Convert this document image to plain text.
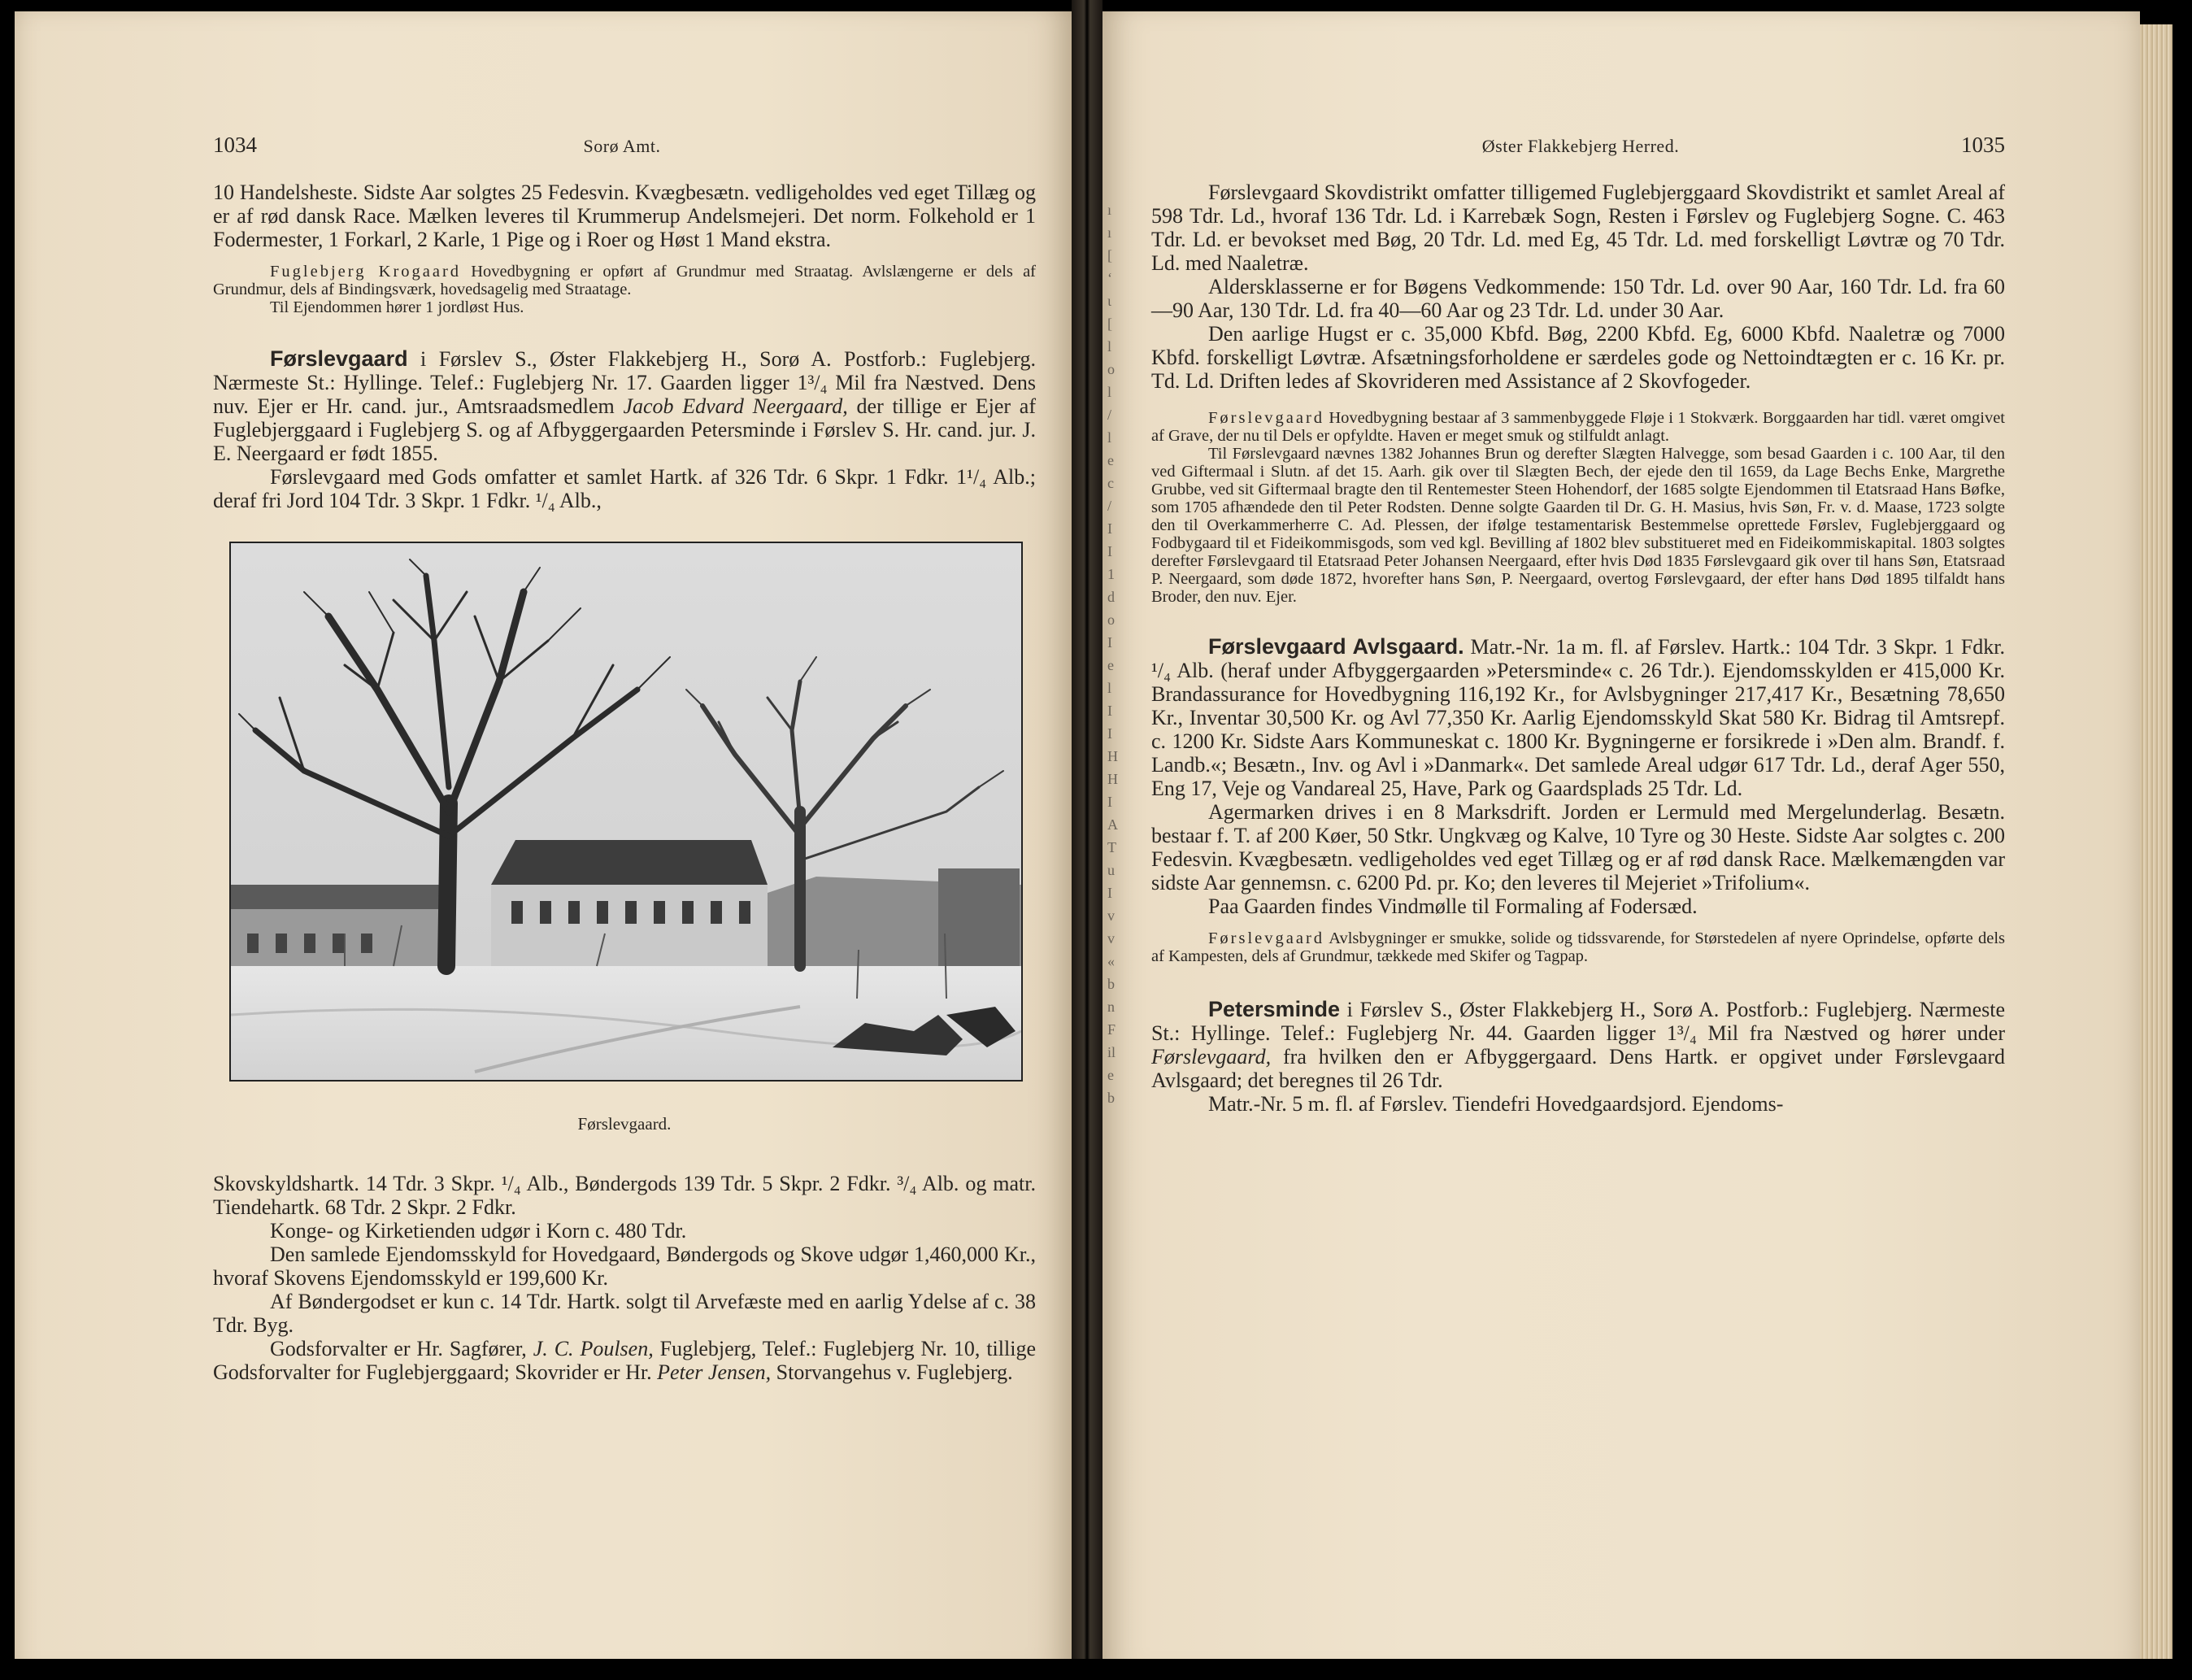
1034	Sorø Amt.

10 Handelsheste. Sidste Aar solgtes 25 Fedesvin. Kvægbesætn. vedligeholdes ved eget Tillæg og er af rød dansk Race. Mælken leveres til Krummerup Andelsmejeri. Det norm. Folkehold er 1 Fodermester, 1 Forkarl, 2 Karle, 1 Pige og i Roer og Høst 1 Mand ekstra.

Fuglebjerg Krogaard Hovedbygning er opført af Grundmur med Straatag. Avlslængerne er dels af Grundmur, dels af Bindingsværk, hovedsagelig med Straatage.

Til Ejendommen hører 1 jordløst Hus.

Førslevgaard i Førslev S., Øster Flakkebjerg H., Sorø A. Postforb.: Fuglebjerg. Nærmeste St.: Hyllinge. Telef.: Fuglebjerg Nr. 17. Gaarden ligger 1³/₄ Mil fra Næstved. Dens nuv. Ejer er Hr. cand. jur., Amtsraadsmedlem Jacob Edvard Neergaard, der tillige er Ejer af Fuglebjerggaard i Fuglebjerg S. og af Afbyggergaarden Petersminde i Førslev S. Hr. cand. jur. J. E. Neergaard er født 1855.

Førslevgaard med Gods omfatter et samlet Hartk. af 326 Tdr. 6 Skpr. 1 Fdkr. 1¹/₄ Alb.; deraf fri Jord 104 Tdr. 3 Skpr. 1 Fdkr. ¹/₄ Alb.,

Førslevgaard.

Skovskyldshartk. 14 Tdr. 3 Skpr. ¹/₄ Alb., Bøndergods 139 Tdr. 5 Skpr. 2 Fdkr. ³/₄ Alb. og matr. Tiendehartk. 68 Tdr. 2 Skpr. 2 Fdkr.

Konge- og Kirketienden udgør i Korn c. 480 Tdr.

Den samlede Ejendomsskyld for Hovedgaard, Bøndergods og Skove udgør 1,460,000 Kr., hvoraf Skovens Ejendomsskyld er 199,600 Kr.

Af Bøndergodset er kun c. 14 Tdr. Hartk. solgt til Arvefæste med en aarlig Ydelse af c. 38 Tdr. Byg.

Godsforvalter er Hr. Sagfører, J. C. Poulsen, Fuglebjerg, Telef.: Fuglebjerg Nr. 10, tillige Godsforvalter for Fuglebjerggaard; Skovrider er Hr. Peter Jensen, Storvangehus v. Fuglebjerg.

ı
ı
[
ʻ
ɩ
[
l
o
l
/
l
e
c
/
I
I
1
d
o
I
e
l
I
I
H
H
I
A
T
u
I
v
v
«
b
n
F
il
e
b
Øster Flakkebjerg Herred.	1035

Førslevgaard Skovdistrikt omfatter tilligemed Fuglebjerggaard Skovdistrikt et samlet Areal af 598 Tdr. Ld., hvoraf 136 Tdr. Ld. i Karrebæk Sogn, Resten i Førslev og Fuglebjerg Sogne. C. 463 Tdr. Ld. er bevokset med Bøg, 20 Tdr. Ld. med Eg, 45 Tdr. Ld. med forskelligt Løvtræ og 70 Tdr. Ld. med Naaletræ.

Aldersklasserne er for Bøgens Vedkommende: 150 Tdr. Ld. over 90 Aar, 160 Tdr. Ld. fra 60—90 Aar, 130 Tdr. Ld. fra 40—60 Aar og 23 Tdr. Ld. under 30 Aar.

Den aarlige Hugst er c. 35,000 Kbfd. Bøg, 2200 Kbfd. Eg, 6000 Kbfd. Naaletræ og 7000 Kbfd. forskelligt Løvtræ. Afsætningsforholdene er særdeles gode og Nettoindtægten er c. 16 Kr. pr. Td. Ld. Driften ledes af Skovrideren med Assistance af 2 Skovfogeder.

Førslevgaard Hovedbygning bestaar af 3 sammenbyggede Fløje i 1 Stokværk. Borggaarden har tidl. været omgivet af Grave, der nu til Dels er opfyldte. Haven er meget smuk og stilfuldt anlagt.

Til Førslevgaard nævnes 1382 Johannes Brun og derefter Slægten Halvegge, som besad Gaarden i c. 100 Aar, til den ved Giftermaal i Slutn. af det 15. Aarh. gik over til Slægten Bech, der ejede den til 1659, da Lage Bechs Enke, Margrethe Grubbe, ved sit Giftermaal bragte den til Rentemester Steen Hohendorf, der 1685 solgte Ejendommen til Etatsraad Hans Bøfke, som 1705 afhændede den til Peter Rodsten. Denne solgte Gaarden til Dr. G. H. Masius, hvis Søn, Fr. v. d. Maase, 1723 solgte den til Overkammerherre C. Ad. Plessen, der ifølge testamentarisk Bestemmelse oprettede Førslev, Fuglebjerggaard og Fodbygaard til et Fideikommisgods, som ved kgl. Bevilling af 1802 blev substitueret med en Fideikommiskapital. 1803 solgtes derefter Førslevgaard til Etatsraad Peter Johansen Neergaard, efter hvis Død 1835 Førslevgaard gik over til hans Søn, Etatsraad P. Neergaard, som døde 1872, hvorefter hans Søn, P. Neergaard, overtog Førslevgaard, der efter hans Død 1895 tilfaldt hans Broder, den nuv. Ejer.

Førslevgaard Avlsgaard. Matr.-Nr. 1a m. fl. af Førslev. Hartk.: 104 Tdr. 3 Skpr. 1 Fdkr. ¹/₄ Alb. (heraf under Afbyggergaarden »Petersminde« c. 26 Tdr.). Ejendomsskylden er 415,000 Kr. Brandassurance for Hovedbygning 116,192 Kr., for Avlsbygninger 217,417 Kr., Besætning 78,650 Kr., Inventar 30,500 Kr. og Avl 77,350 Kr. Aarlig Ejendomsskyld Skat 580 Kr. Bidrag til Amtsrepf. c. 1200 Kr. Sidste Aars Kommuneskat c. 1800 Kr. Bygningerne er forsikrede i »Den alm. Brandf. f. Landb.«; Besætn., Inv. og Avl i »Danmark«. Det samlede Areal udgør 617 Tdr. Ld., deraf Ager 550, Eng 17, Veje og Vandareal 25, Have, Park og Gaardsplads 25 Tdr. Ld.

Agermarken drives i en 8 Marksdrift. Jorden er Lermuld med Mergelunderlag. Besætn. bestaar f. T. af 200 Køer, 50 Stkr. Ungkvæg og Kalve, 10 Tyre og 30 Heste. Sidste Aar solgtes c. 200 Fedesvin. Kvægbesætn. vedligeholdes ved eget Tillæg og er af rød dansk Race. Mælkemængden var sidste Aar gennemsn. c. 6200 Pd. pr. Ko; den leveres til Mejeriet »Trifolium«.

Paa Gaarden findes Vindmølle til Formaling af Fodersæd.

Førslevgaard Avlsbygninger er smukke, solide og tidssvarende, for Størstedelen af nyere Oprindelse, opførte dels af Kampesten, dels af Grundmur, tækkede med Skifer og Tagpap.

Petersminde i Førslev S., Øster Flakkebjerg H., Sorø A. Postforb.: Fuglebjerg. Nærmeste St.: Hyllinge. Telef.: Fuglebjerg Nr. 44. Gaarden ligger 1³/₄ Mil fra Næstved og hører under Førslevgaard, fra hvilken den er Afbyggergaard. Dens Hartk. er opgivet under Førslevgaard Avlsgaard; det beregnes til 26 Tdr.

Matr.-Nr. 5 m. fl. af Førslev. Tiendefri Hovedgaardsjord. Ejendoms-
